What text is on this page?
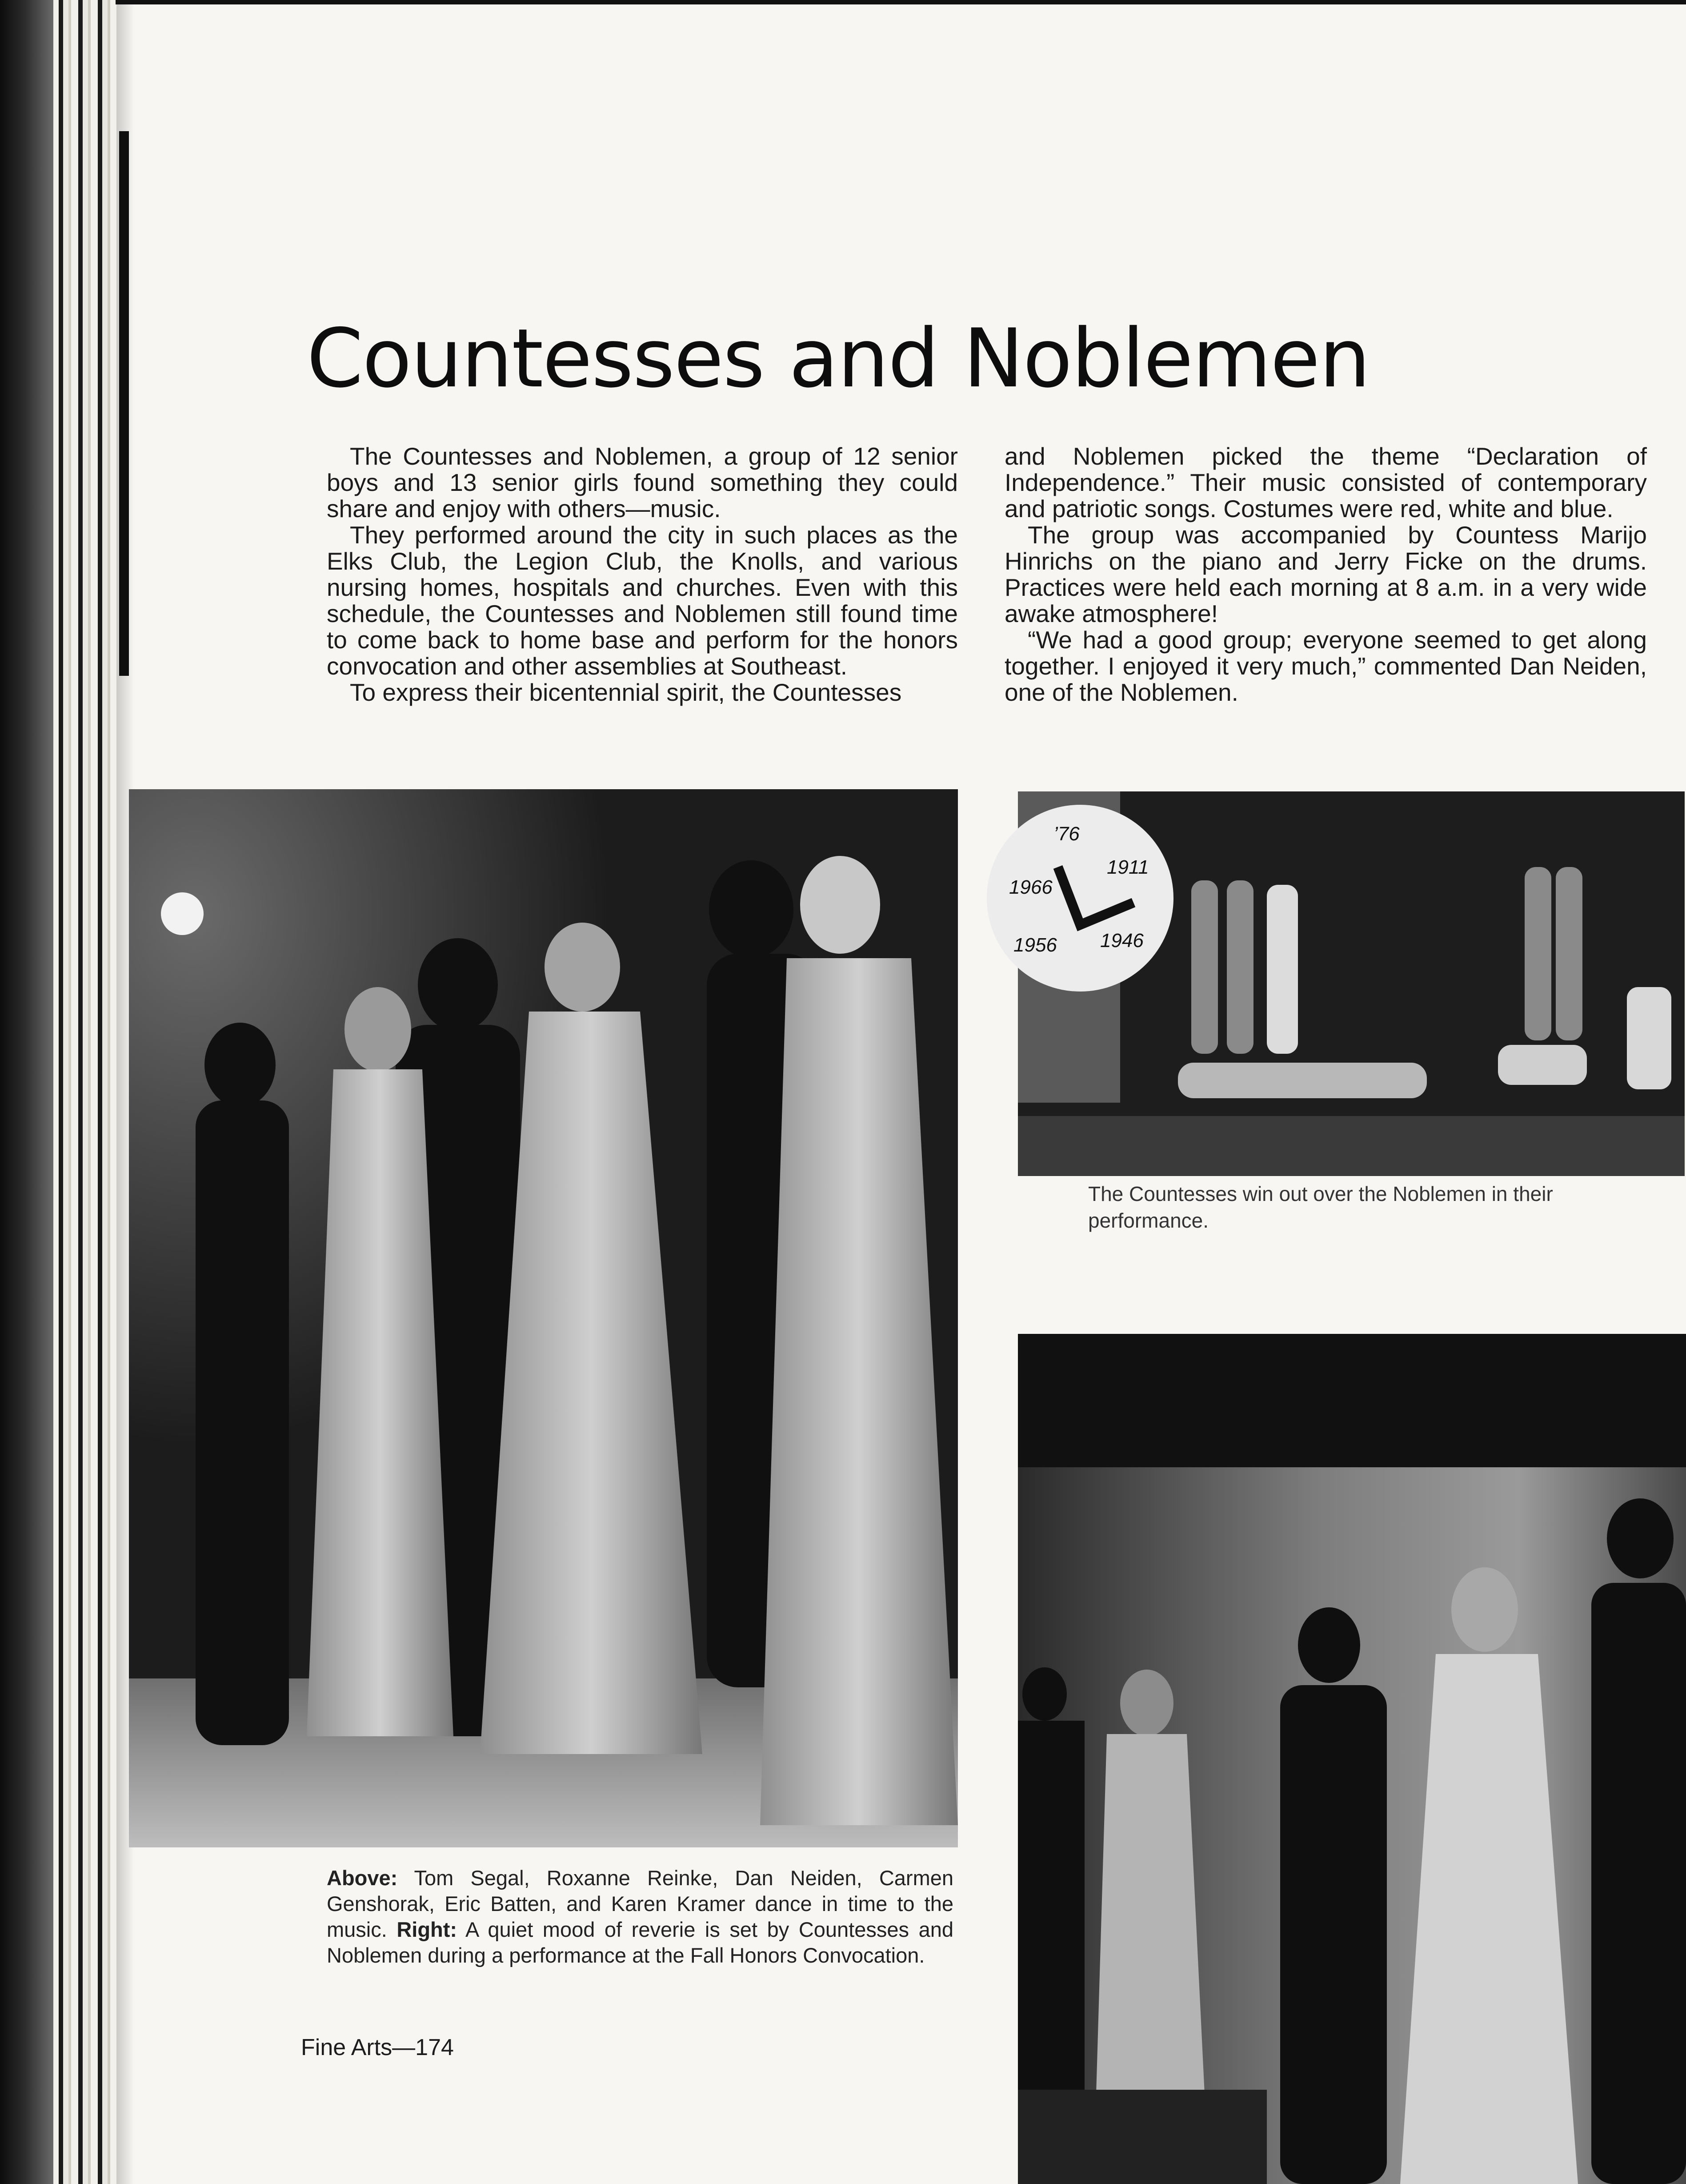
Countesses and Noblemen

The Countesses and Noblemen, a group of 12 senior boys and 13 senior girls found something they could share and enjoy with others—music.

They performed around the city in such places as the Elks Club, the Legion Club, the Knolls, and various nursing homes, hospitals and churches. Even with this schedule, the Countesses and Noblemen still found time to come back to home base and perform for the honors convocation and other assemblies at Southeast.

To express their bicentennial spirit, the Countesses

and Noblemen picked the theme “Declaration of Independence.” Their music consisted of contemporary and patriotic songs. Costumes were red, white and blue.

The group was accompanied by Countess Marijo Hinrichs on the piano and Jerry Ficke on the drums. Practices were held each morning at 8 a.m. in a very wide awake atmosphere!

“We had a good group; everyone seemed to get along together. I enjoyed it very much,” commented Dan Neiden, one of the Noblemen.

’76
1911
1966
1956 1946
The Countesses win out over the Noblemen in their performance.
Above: Tom Segal, Roxanne Reinke, Dan Neiden, Carmen Genshorak, Eric Batten, and Karen Kramer dance in time to the music. Right: A quiet mood of reverie is set by Countesses and Noblemen during a performance at the Fall Honors Convocation.
Fine Arts—174
